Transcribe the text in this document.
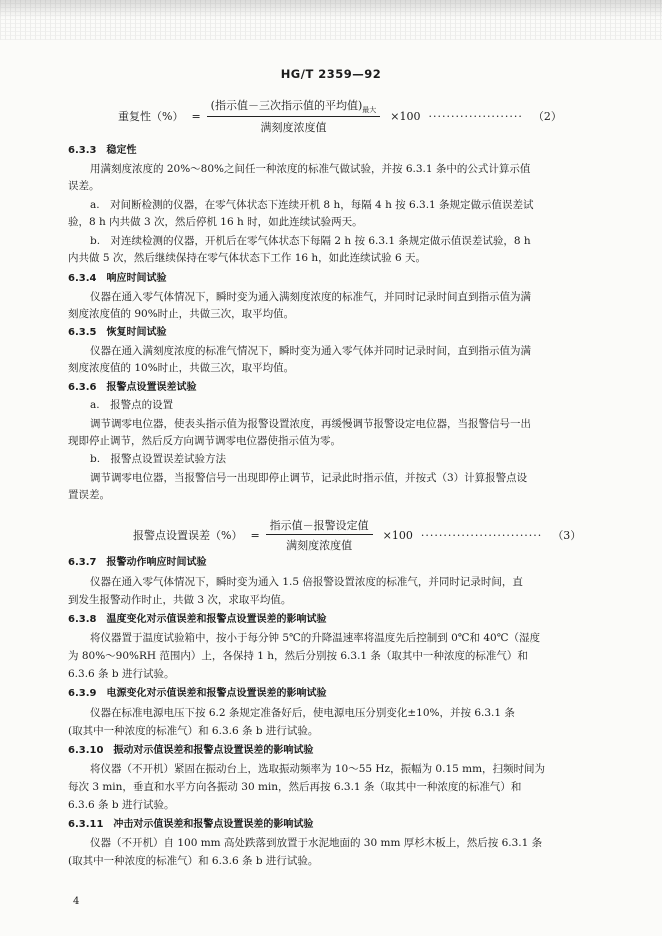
HG/T 2359—92
重复性（%） = $\frac{(指示值-三次指示值的平均值)_{最大}}{\text{满刻度浓度值}} \times 100$ ····················· （2）
6.3.3　稳定性
用满刻度浓度的 20%～80%之间任一种浓度的标准气做试验，并按 6.3.1 条中的公式计算示值
误差。
a.　对间断检测的仪器，在零气体状态下连续开机 8 h，每隔 4 h 按 6.3.1 条规定做示值误差试
验，8 h 内共做 3 次，然后停机 16 h 时，如此连续试验两天。
b.　对连续检测的仪器，开机后在零气体状态下每隔 2 h 按 6.3.1 条规定做示值误差试验，8 h
内共做 5 次，然后继续保持在零气体状态下工作 16 h，如此连续试验 6 天。
6.3.4　响应时间试验
仪器在通入零气体情况下，瞬时变为通入满刻度浓度的标准气，并同时记录时间直到指示值为满
刻度浓度值的 90%时止，共做三次，取平均值。
6.3.5　恢复时间试验
仪器在通入满刻度浓度的标准气情况下，瞬时变为通入零气体并同时记录时间，直到指示值为满
刻度浓度值的 10%时止，共做三次，取平均值。
6.3.6　报警点设置误差试验
a.　报警点的设置
调节调零电位器，使表头指示值为报警设置浓度，再缓慢调节报警设定电位器，当报警信号一出
现即停止调节，然后反方向调节调零电位器使指示值为零。
b.　报警点设置误差试验方法
调节调零电位器，当报警信号一出现即停止调节，记录此时指示值，并按式（3）计算报警点设
置误差。
报警点设置误差（%） = $\frac{\text{指示值－报警设定值}}{\text{满刻度浓度值}} \times 100$ ··························· （3）
6.3.7　报警动作响应时间试验
仪器在通入零气体情况下，瞬时变为通入 1.5 倍报警设置浓度的标准气，并同时记录时间，直
到发生报警动作时止，共做 3 次，求取平均值。
6.3.8　温度变化对示值误差和报警点设置误差的影响试验
将仪器置于温度试验箱中，按小于每分钟 5℃的升降温速率将温度先后控制到 0℃和 40℃（湿度
为 80%～90%RH 范围内）上，各保持 1 h，然后分别按 6.3.1 条（取其中一种浓度的标准气）和
6.3.6 条 b 进行试验。
6.3.9　电源变化对示值误差和报警点设置误差的影响试验
仪器在标准电源电压下按 6.2 条规定准备好后，使电源电压分别变化±10%，并按 6.3.1 条
(取其中一种浓度的标准气）和 6.3.6 条 b 进行试验。
6.3.10　振动对示值误差和报警点设置误差的影响试验
将仪器（不开机）紧固在振动台上，选取振动频率为 10～55 Hz，振幅为 0.15 mm，扫频时间为
每次 3 min，垂直和水平方向各振动 30 min，然后再按 6.3.1 条（取其中一种浓度的标准气）和
6.3.6 条 b 进行试验。
6.3.11　冲击对示值误差和报警点设置误差的影响试验
仪器（不开机）自 100 mm 高处跌落到放置于水泥地面的 30 mm 厚杉木板上，然后按 6.3.1 条
(取其中一种浓度的标准气）和 6.3.6 条 b 进行试验。
4
